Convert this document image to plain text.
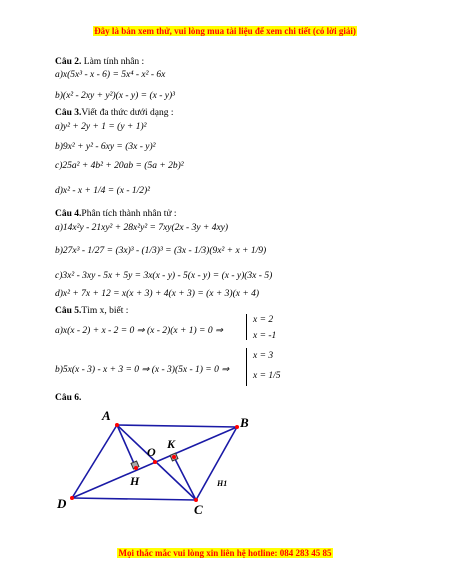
Đây là bản xem thử, vui lòng mua tài liệu để xem chi tiết (có lời giải)
Câu 2. Làm tính nhân :
a)x(5x³ - x - 6) = 5x⁴ - x² - 6x
b)(x² - 2xy + y²)(x - y) = (x - y)³
Câu 3.Viết đa thức dưới dạng :
a)y² + 2y + 1 = (y + 1)²
b)9x² + y² - 6xy = (3x - y)²
c)25a² + 4b² + 20ab = (5a + 2b)²
d)x² - x + 1/4 = (x - 1/2)²
Câu 4.Phân tích thành nhân tử :
a)14x²y - 21xy² + 28x²y² = 7xy(2x - 3y + 4xy)
b)27x³ - 1/27 = (3x)³ - (1/3)³ = (3x - 1/3)(9x² + x + 1/9)
c)3x² - 3xy - 5x + 5y = 3x(x - y) - 5(x - y) = (x - y)(3x - 5)
d)x² + 7x + 12 = x(x + 3) + 4(x + 3) = (x + 3)(x + 4)
Câu 5.Tìm x, biết :
a)x(x - 2) + x - 2 = 0 ⇒ (x - 2)(x + 1) = 0 ⇒
x = 2
x = -1
b)5x(x - 3) - x + 3 = 0 ⇒ (x - 3)(5x - 1) = 0 ⇒
x = 3
x = 1/5
Câu 6.
A	B
C
D
O
K
H	H1
Mọi thắc mắc vui lòng xin liên hệ hotline: 084 283 45 85
